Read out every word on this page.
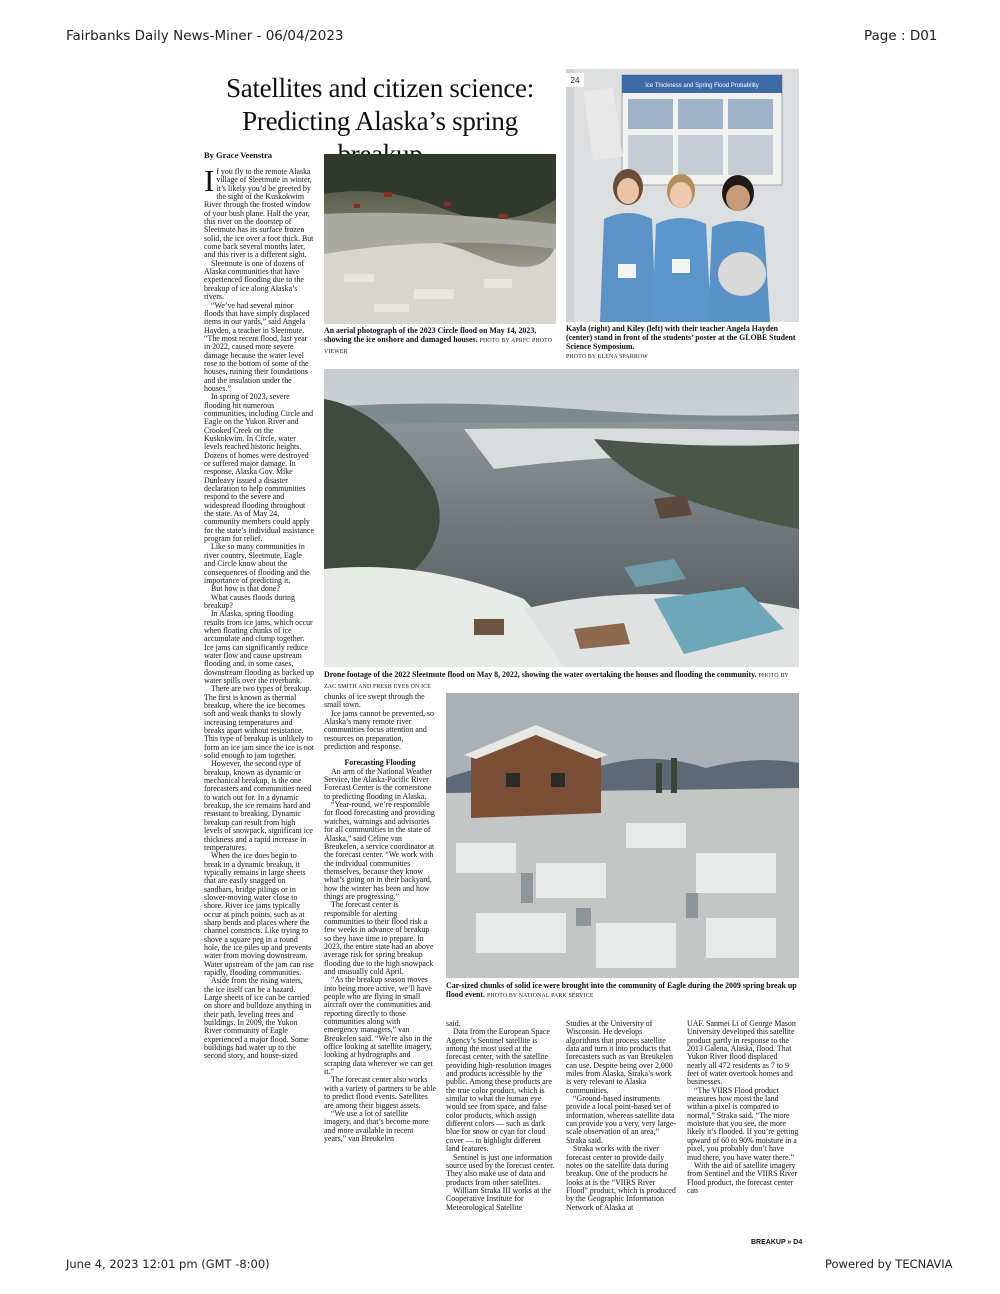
Fairbanks Daily News-Miner - 06/04/2023	Page : D01
June 4, 2023 12:01 pm (GMT -8:00)	Powered by TECNAVIA
Satellites and citizen science:
Predicting Alaska’s spring
By Grace Veenstra

If you fly to the remote Alaska village of Sleetmute in winter, it’s likely you’d be greeted by the sight of the Kuskokwim River through the frosted window of your bush plane. Half the year, this river on the doorstep of Sleetmute has its surface frozen solid, the ice over a foot thick. But come back several months later, and this river is a different sight.

Sleetmute is one of dozens of Alaska communities that have experienced flooding due to the breakup of ice along Alaska’s rivers.

“We’ve had several minor floods that have simply displaced items in our yards,” said Angela Hayden, a teacher in Sleetmute. “The most recent flood, last year in 2022, caused more severe damage because the water level rose to the bottom of some of the houses, ruining their foundations and the insulation under the houses.”

In spring of 2023, severe flooding hit numerous communities, including Circle and Eagle on the Yukon River and Crooked Creek on the Kuskokwim. In Circle, water levels reached historic heights. Dozens of homes were destroyed or suffered major damage. In response, Alaska Gov. Mike Dunleavy issued a disaster declaration to help communities respond to the severe and widespread flooding throughout the state. As of May 24, community members could apply for the state’s individual assistance program for relief.

Like so many communities in river country, Sleetmute, Eagle and Circle know about the consequences of flooding and the importance of predicting it.

But how is that done?

What causes floods during breakup?

In Alaska, spring flooding results from ice jams, which occur when floating chunks of ice accumulate and clump together. Ice jams can significantly reduce water flow and cause upstream flooding and, in some cases, downstream flooding as backed up water spills over the riverbank.

There are two types of breakup. The first is known as thermal breakup, where the ice becomes soft and weak thanks to slowly increasing temperatures and breaks apart without resistance. This type of breakup is unlikely to form an ice jam since the ice is not solid enough to jam together.

However, the second type of breakup, known as dynamic or mechanical breakup, is the one forecasters and communities need to watch out for. In a dynamic breakup, the ice remains hard and resistant to breaking. Dynamic breakup can result from high levels of snowpack, significant ice thickness and a rapid increase in temperatures.

When the ice does begin to break in a dynamic breakup, it typically remains in large sheets that are easily snagged on sandbars, bridge pilings or in slower-moving water close to shore. River ice jams typically occur at pinch points, such as at sharp bends and places where the channel constricts. Like trying to shove a square peg in a round hole, the ice piles up and prevents water from moving downstream. Water upstream of the jam can rise rapidly, flooding communities.

Aside from the rising waters, the ice itself can be a hazard. Large sheets of ice can be carried on shore and bulldoze anything in their path, leveling trees and buildings. In 2009, the Yukon River community of Eagle experienced a major flood. Some buildings had water up to the second story, and house-sized

An aerial photograph of the 2023 Circle flood on May 14, 2023, showing the ice onshore and damaged houses. PHOTO BY APRFC PHOTO VIEWER
Ice Thickness and Spring Flood Probability
24
Kayla (right) and Kiley (left) with their teacher Angela Hayden (center) stand in front of the students’ poster at the GLOBE Student Science Symposium.
PHOTO BY ELENA SPARROW
Drone footage of the 2022 Sleetmute flood on May 8, 2022, showing the water overtaking the houses and flooding the community. PHOTO BY ZAC SMITH AND FRESH EYES ON ICE

chunks of ice swept through the small town.

Ice jams cannot be prevented, so Alaska’s many remote river communities focus attention and resources on preparation, prediction and response.

Forecasting Flooding

An arm of the National Weather Service, the Alaska-Pacific River Forecast Center is the cornerstone to predicting flooding in Alaska.

“Year-round, we’re responsible for flood forecasting and providing watches, warnings and advisories for all communities in the state of Alaska,” said Celine van Breukelen, a service coordinator at the forecast center. “We work with the individual communities themselves, because they know what’s going on in their backyard, how the winter has been and how things are progressing.”

The forecast center is responsible for alerting communities to their flood risk a few weeks in advance of breakup so they have time to prepare. In 2023, the entire state had an above average risk for spring breakup flooding due to the high snowpack and unusually cold April.

“As the breakup season moves into being more active, we’ll have people who are flying in small aircraft over the communities and reporting directly to those communities along with emergency managers,” van Breukelen said. “We’re also in the office looking at satellite imagery, looking at hydrographs and scraping data wherever we can get it.”

The forecast center also works with a variety of partners to be able to predict flood events. Satellites are among their biggest assets.

“We use a lot of satellite imagery, and that’s become more and more available in recent years,” van Breukelen

Car-sized chunks of solid ice were brought into the community of Eagle during the 2009 spring break up flood event. PHOTO BY NATIONAL PARK SERVICE

said.

Data from the European Space Agency’s Sentinel satellite is among the most used at the forecast center, with the satellite providing high-resolution images and products accessible by the public. Among these products are the true color product, which is similar to what the human eye would see from space, and false color products, which assign different colors — such as dark blue for snow or cyan for cloud cover — to highlight different land features.

Sentinel is just one information source used by the forecast center. They also make use of data and products from other satellites.

William Straka III works at the Cooperative Institute for Meteorological Satellite

Studies at the University of Wisconsin. He develops algorithms that process satellite data and turn it into products that forecasters such as van Breukelen can use. Despite being over 2,000 miles from Alaska, Straka’s work is very relevant to Alaska communities.

“Ground-based instruments provide a local point-based set of information, whereas satellite data can provide you a very, very large-scale observation of an area,” Straka said.

Straka works with the river forecast center to provide daily notes on the satellite data during breakup. One of the products he looks at is the “VIIRS River Flood” product, which is produced by the Geographic Information Network of Alaska at

UAF. Sanmei Li of George Mason University developed this satellite product partly in response to the 2013 Galena, Alaska, flood. That Yukon River flood displaced nearly all 472 residents as 7 to 9 feet of water overtook homes and businesses.

“The VIIRS Flood product measures how moist the land within a pixel is compared to normal,” Straka said. “The more moisture that you see, the more likely it’s flooded. If you’re getting upward of 60 to 90% moisture in a pixel, you probably don’t have mud there, you have water there.”

With the aid of satellite imagery from Sentinel and the VIIRS River Flood product, the forecast center can

BREAKUP » D4
